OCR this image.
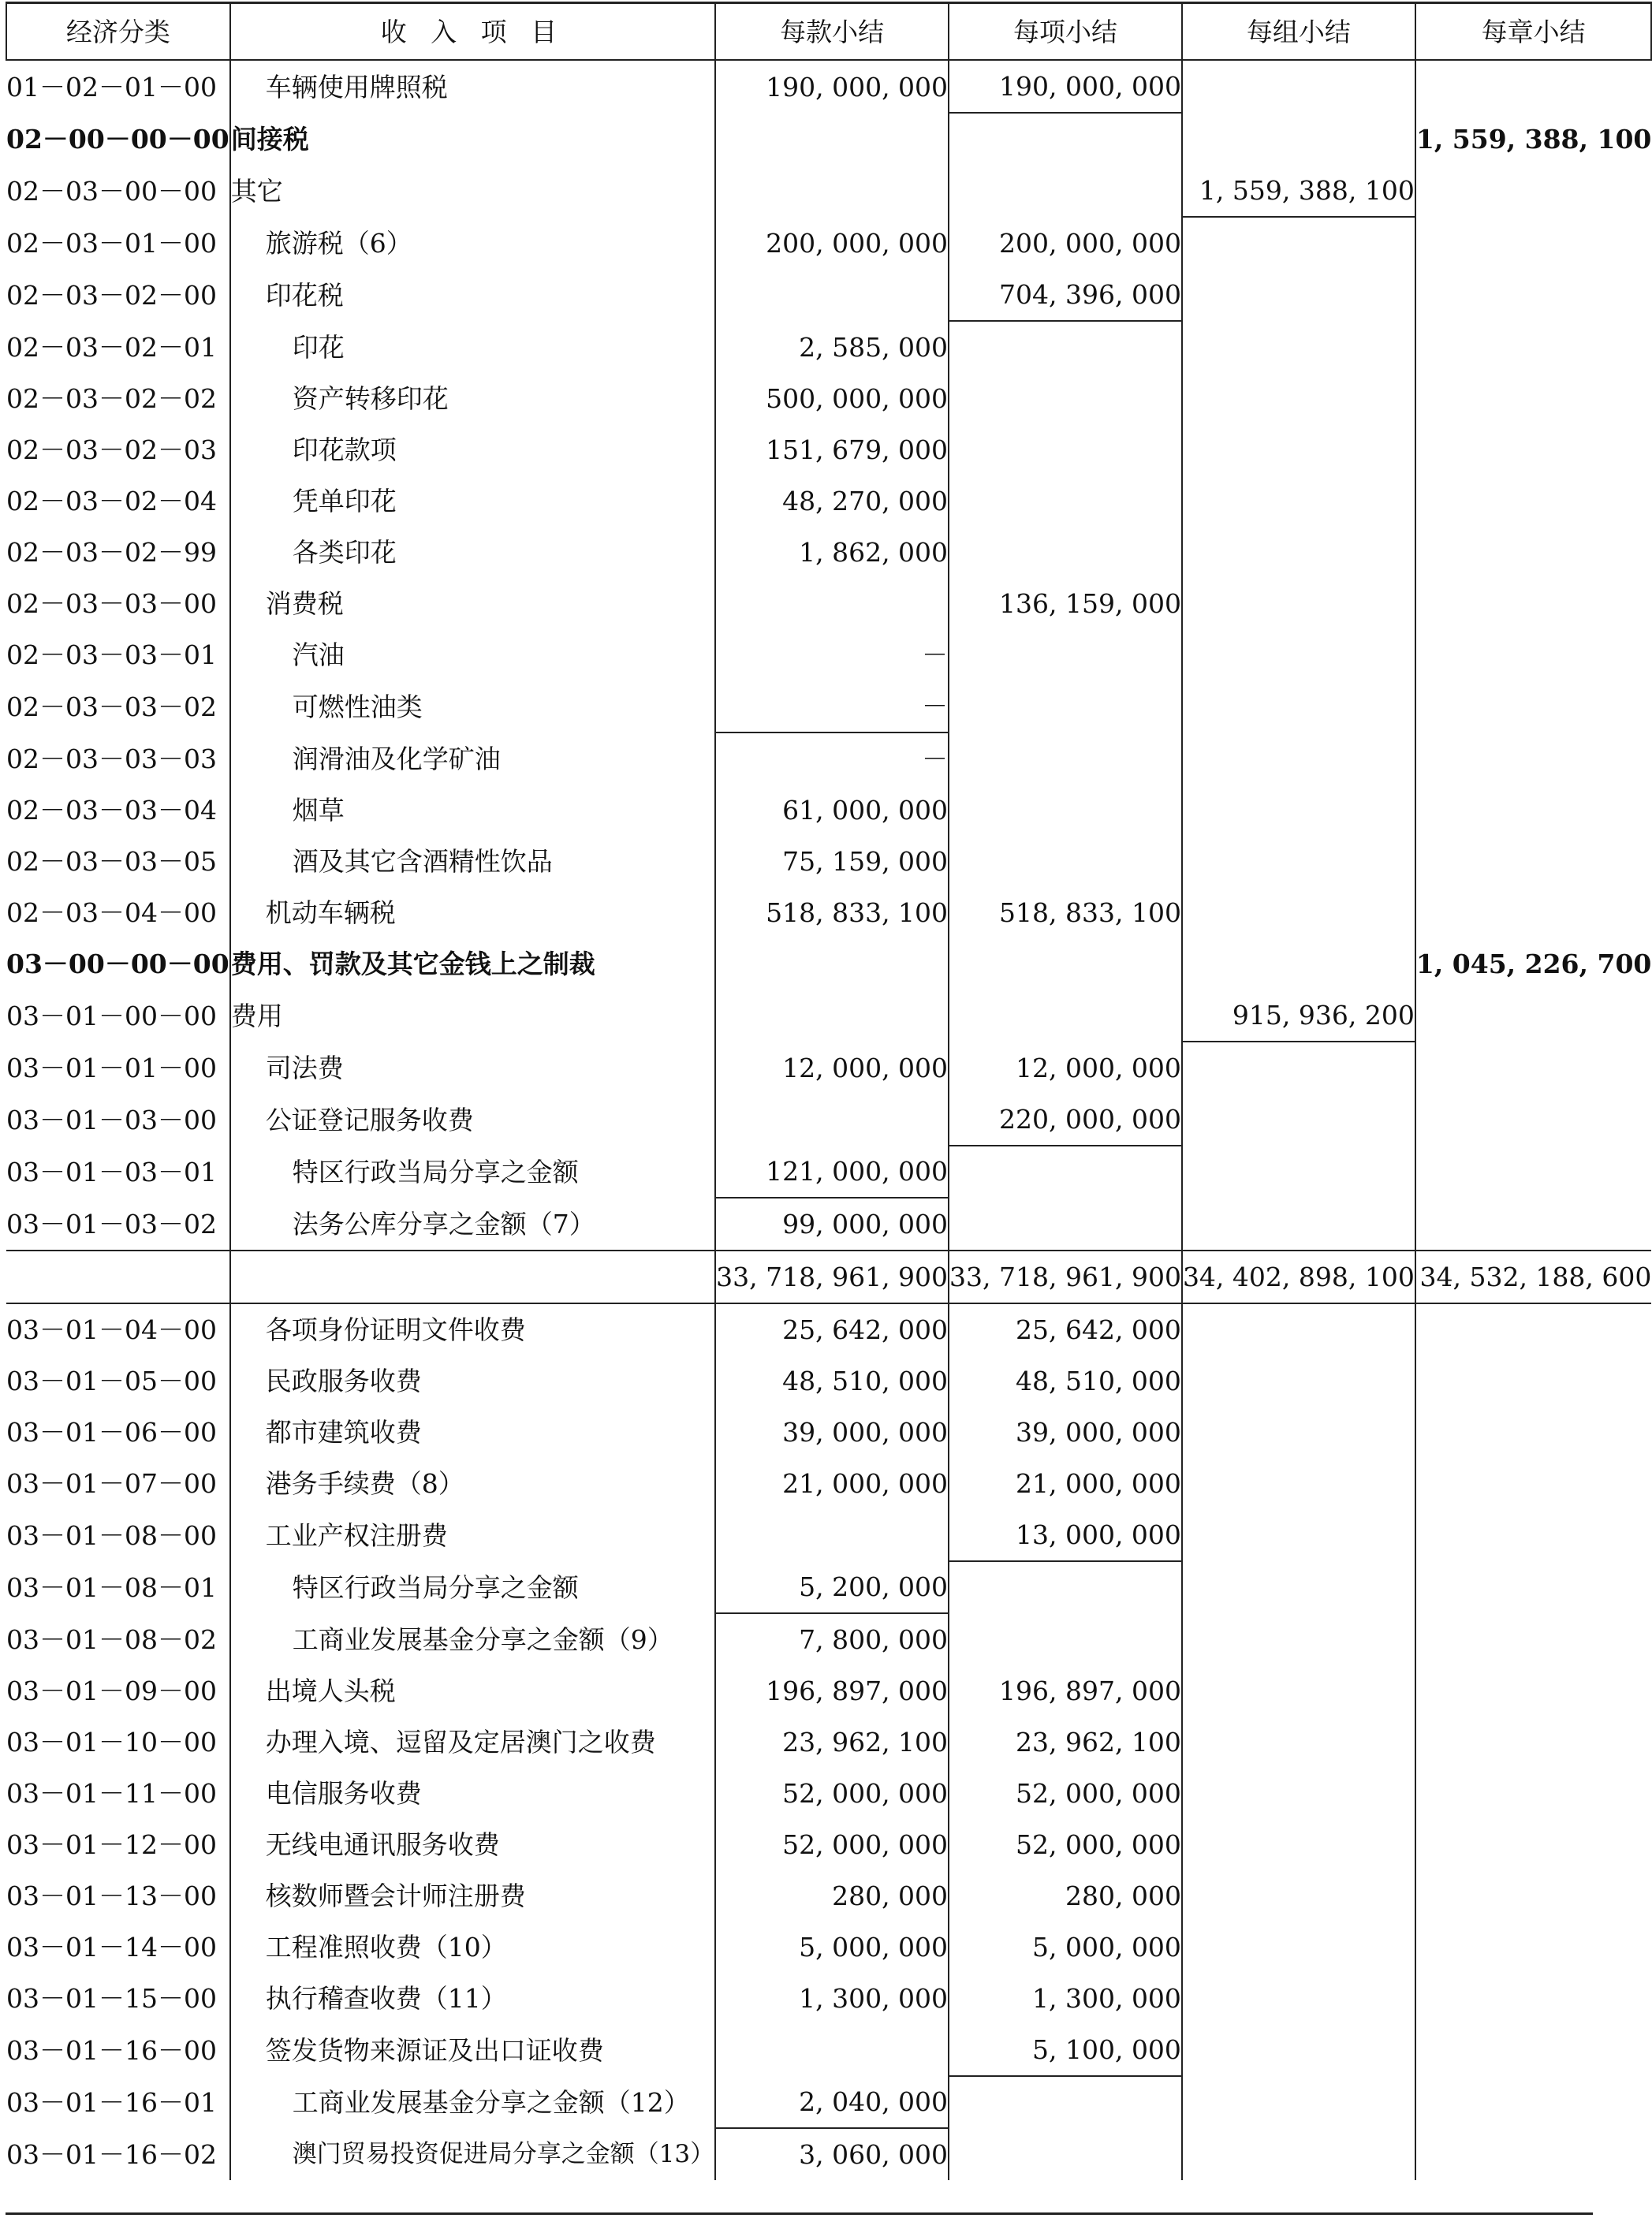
经济分类	收 入 项 目	每款小结	每项小结	每组小结	每章小结
01－02－01－00	车辆使用牌照税	190, 000, 000	190, 000, 000		
02－00－00－00	间接税				1, 559, 388, 100
02－03－00－00	其它			1, 559, 388, 100	
02－03－01－00	旅游税（6）	200, 000, 000	200, 000, 000		
02－03－02－00	印花税		704, 396, 000		
02－03－02－01	印花	2, 585, 000			
02－03－02－02	资产转移印花	500, 000, 000			
02－03－02－03	印花款项	151, 679, 000			
02－03－02－04	凭单印花	48, 270, 000			
02－03－02－99	各类印花	1, 862, 000			
02－03－03－00	消费税		136, 159, 000		
02－03－03－01	汽油	－			
02－03－03－02	可燃性油类	－			
02－03－03－03	润滑油及化学矿油	－			
02－03－03－04	烟草	61, 000, 000			
02－03－03－05	酒及其它含酒精性饮品	75, 159, 000			
02－03－04－00	机动车辆税	518, 833, 100	518, 833, 100		
03－00－00－00	费用、罚款及其它金钱上之制裁				1, 045, 226, 700
03－01－00－00	费用			915, 936, 200	
03－01－01－00	司法费	12, 000, 000	12, 000, 000		
03－01－03－00	公证登记服务收费		220, 000, 000		
03－01－03－01	特区行政当局分享之金额	121, 000, 000			
03－01－03－02	法务公库分享之金额（7）	99, 000, 000			
		33, 718, 961, 900	33, 718, 961, 900	34, 402, 898, 100	34, 532, 188, 600
03－01－04－00	各项身份证明文件收费	25, 642, 000	25, 642, 000		
03－01－05－00	民政服务收费	48, 510, 000	48, 510, 000		
03－01－06－00	都市建筑收费	39, 000, 000	39, 000, 000		
03－01－07－00	港务手续费（8）	21, 000, 000	21, 000, 000		
03－01－08－00	工业产权注册费		13, 000, 000		
03－01－08－01	特区行政当局分享之金额	5, 200, 000			
03－01－08－02	工商业发展基金分享之金额（9）	7, 800, 000			
03－01－09－00	出境人头税	196, 897, 000	196, 897, 000		
03－01－10－00	办理入境、逗留及定居澳门之收费	23, 962, 100	23, 962, 100		
03－01－11－00	电信服务收费	52, 000, 000	52, 000, 000		
03－01－12－00	无线电通讯服务收费	52, 000, 000	52, 000, 000		
03－01－13－00	核数师暨会计师注册费	280, 000	280, 000		
03－01－14－00	工程准照收费（10）	5, 000, 000	5, 000, 000		
03－01－15－00	执行稽查收费（11）	1, 300, 000	1, 300, 000		
03－01－16－00	签发货物来源证及出口证收费		5, 100, 000		
03－01－16－01	工商业发展基金分享之金额（12）	2, 040, 000			
03－01－16－02	澳门贸易投资促进局分享之金额（13）	3, 060, 000			
